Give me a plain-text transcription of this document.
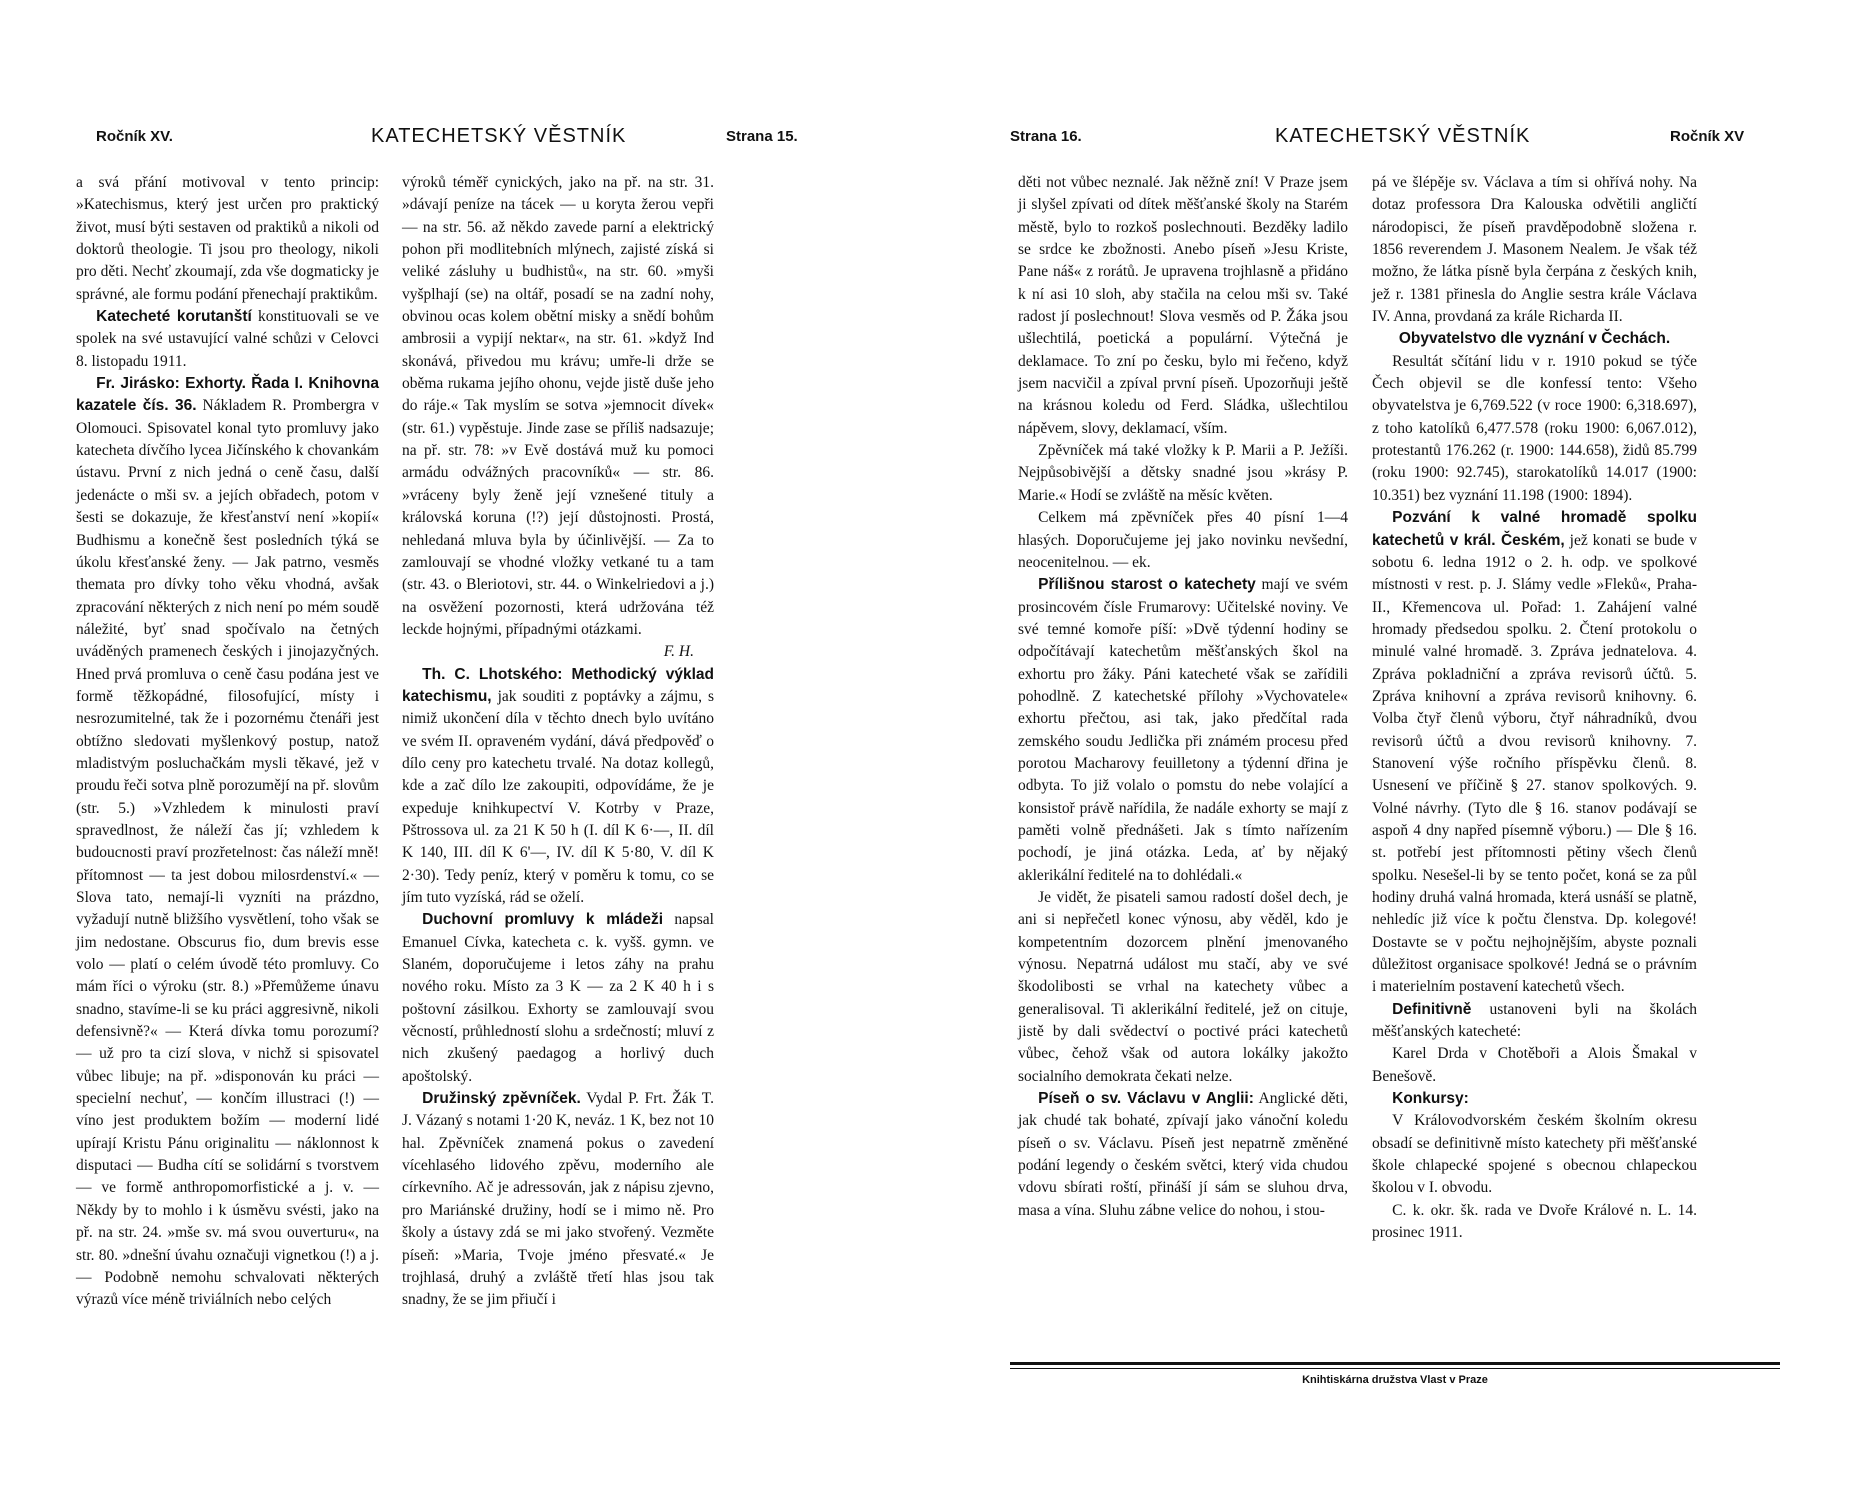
Ročník XV.	KATECHETSKÝ VĚSTNÍK	Strana 15.

a svá přání motivoval v tento princip: »Katechismus, který jest určen pro praktický život, musí býti sestaven od praktiků a nikoli od doktorů theologie. Ti jsou pro theology, nikoli pro děti. Nechť zkoumají, zda vše dogmaticky je správné, ale formu podání přenechají praktikům.

Katecheté korutanští konstituovali se ve spolek na své ustavující valné schůzi v Celovci 8. listopadu 1911.

Fr. Jirásko: Exhorty. Řada I. Knihovna kazatele čís. 36. Nákladem R. Prombergra v Olomouci. Spisovatel konal tyto promluvy jako katecheta dívčího lycea Jičínského k chovankám ústavu. První z nich jedná o ceně času, další jedenácte o mši sv. a jejích obřadech, potom v šesti se dokazuje, že křesťanství není »kopií« Budhismu a konečně šest posledních týká se úkolu křesťanské ženy. — Jak patrno, vesměs themata pro dívky toho věku vhodná, avšak zpracování některých z nich není po mém soudě náležité, byť snad spočívalo na četných uváděných pramenech českých i jinojazyčných. Hned prvá promluva o ceně času podána jest ve formě těžkopádné, filosofující, místy i nesrozumitelné, tak že i pozornému čtenáři jest obtížno sledovati myšlenkový postup, natož mladistvým posluchačkám mysli těkavé, jež v proudu řeči sotva plně porozumějí na př. slovům (str. 5.) »Vzhledem k minulosti praví spravedlnost, že náleží čas jí; vzhledem k budoucnosti praví prozřetelnost: čas náleží mně! přítomnost — ta jest dobou milosrdenství.« — Slova tato, nemají-li vyzníti na prázdno, vyžadují nutně bližšího vysvětlení, toho však se jim nedostane. Obscurus fio, dum brevis esse volo — platí o celém úvodě této promluvy. Co mám říci o výroku (str. 8.) »Přemůžeme únavu snadno, stavíme-li se ku práci aggresivně, nikoli defensivně?« — Která dívka tomu porozumí? — už pro ta cizí slova, v nichž si spisovatel vůbec libuje; na př. »disponován ku práci — specielní nechuť, — končím illustraci (!) — víno jest produktem božím — moderní lidé upírají Kristu Pánu originalitu — náklonnost k disputaci — Budha cítí se solidární s tvorstvem — ve formě anthropomorfistické a j. v. — Někdy by to mohlo i k úsměvu svésti, jako na př. na str. 24. »mše sv. má svou ouverturu«, na str. 80. »dnešní úvahu označuji vignetkou (!) a j. — Podobně nemohu schvalovati některých výrazů více méně triviálních nebo celých

výroků téměř cynických, jako na př. na str. 31. »dávají peníze na tácek — u koryta žerou vepři — na str. 56. až někdo zavede parní a elektrický pohon při modlitebních mlýnech, zajisté získá si veliké zásluhy u budhistů«, na str. 60. »myši vyšplhají (se) na oltář, posadí se na zadní nohy, obvinou ocas kolem obětní misky a snědí bohům ambrosii a vypijí nektar«, na str. 61. »když Ind skonává, přivedou mu krávu; umře-li drže se oběma rukama jejího ohonu, vejde jistě duše jeho do ráje.« Tak myslím se sotva »jemnocit dívek« (str. 61.) vypěstuje. Jinde zase se příliš nadsazuje; na př. str. 78: »v Evě dostává muž ku pomoci armádu odvážných pracovníků« — str. 86. »vráceny byly ženě její vznešené tituly a královská koruna (!?) její důstojnosti. Prostá, nehledaná mluva byla by účinlivější. — Za to zamlouvají se vhodné vložky vetkané tu a tam (str. 43. o Bleriotovi, str. 44. o Winkelriedovi a j.) na osvěžení pozornosti, která udržována též leckde hojnými, případnými otázkami.

F. H.

Th. C. Lhotského: Methodický výklad katechismu, jak souditi z poptávky a zájmu, s nimiž ukončení díla v těchto dnech bylo uvítáno ve svém II. opraveném vydání, dává předpověď o dílo ceny pro katechetu trvalé. Na dotaz kollegů, kde a zač dílo lze zakoupiti, odpovídáme, že je expeduje knihkupectví V. Kotrby v Praze, Pštrossova ul. za 21 K 50 h (I. díl K 6·—, II. díl K 140, III. díl K 6'—, IV. díl K 5·80, V. díl K 2·30). Tedy peníz, který v poměru k tomu, co se jím tuto vyzíská, rád se oželí.

Duchovní promluvy k mládeži napsal Emanuel Cívka, katecheta c. k. vyšš. gymn. ve Slaném, doporučujeme i letos záhy na prahu nového roku. Místo za 3 K — za 2 K 40 h i s poštovní zásilkou. Exhorty se zamlouvají svou věcností, průhledností slohu a srdečností; mluví z nich zkušený paedagog a horlivý duch apoštolský.

Družinský zpěvníček. Vydal P. Frt. Žák T. J. Vázaný s notami 1·20 K, neváz. 1 K, bez not 10 hal. Zpěvníček znamená pokus o zavedení vícehlasého lidového zpěvu, moderního ale církevního. Ač je adressován, jak z nápisu zjevno, pro Mariánské družiny, hodí se i mimo ně. Pro školy a ústavy zdá se mi jako stvořený. Vezměte píseň: »Maria, Tvoje jméno přesvaté.« Je trojhlasá, druhý a zvláště třetí hlas jsou tak snadny, že se jim přiučí i

Strana 16.	KATECHETSKÝ VĚSTNÍK	Ročník XV

děti not vůbec neznalé. Jak něžně zní! V Praze jsem ji slyšel zpívati od dítek měšťanské školy na Starém městě, bylo to rozkoš poslechnouti. Bezděky ladilo se srdce ke zbožnosti. Anebo píseň »Jesu Kriste, Pane náš« z rorátů. Je upravena trojhlasně a přidáno k ní asi 10 sloh, aby stačila na celou mši sv. Také radost jí poslechnout! Slova vesměs od P. Žáka jsou ušlechtilá, poetická a populární. Výtečná je deklamace. To zní po česku, bylo mi řečeno, když jsem nacvičil a zpíval první píseň. Upozorňuji ještě na krásnou koledu od Ferd. Sládka, ušlechtilou nápěvem, slovy, deklamací, vším.

Zpěvníček má také vložky k P. Marii a P. Ježíši. Nejpůsobivější a dětsky snadné jsou »krásy P. Marie.« Hodí se zvláště na měsíc květen.

Celkem má zpěvníček přes 40 písní 1—4 hlasých. Doporučujeme jej jako novinku nevšední, neocenitelnou. — ek.

Přílišnou starost o katechety mají ve svém prosincovém čísle Frumarovy: Učitelské noviny. Ve své temné komoře píší: »Dvě týdenní hodiny se odpočítávají katechetům měšťanských škol na exhortu pro žáky. Páni katecheté však se zařídili pohodlně. Z katechetské přílohy »Vychovatele« exhortu přečtou, asi tak, jako předčítal rada zemského soudu Jedlička při známém procesu před porotou Macharovy feuilletony a týdenní dřina je odbyta. To již volalo o pomstu do nebe volající a konsistoř právě nařídila, že nadále exhorty se mají z paměti volně přednášeti. Jak s tímto nařízením pochodí, je jiná otázka. Leda, ať by nějaký aklerikální ředitelé na to dohlédali.«

Je vidět, že pisateli samou radostí došel dech, je ani si nepřečetl konec výnosu, aby věděl, kdo je kompetentním dozorcem plnění jmenovaného výnosu. Nepatrná událost mu stačí, aby ve své škodolibosti se vrhal na katechety vůbec a generalisoval. Ti aklerikální ředitelé, jež on cituje, jistě by dali svědectví o poctivé práci katechetů vůbec, čehož však od autora lokálky jakožto socialního demokrata čekati nelze.

Píseň o sv. Václavu v Anglii: Anglické děti, jak chudé tak bohaté, zpívají jako vánoční koledu píseň o sv. Václavu. Píseň jest nepatrně změněné podání legendy o českém světci, který vida chudou vdovu sbírati roští, přináší jí sám se sluhou drva, masa a vína. Sluhu zábne velice do nohou, i stou-

pá ve šlépěje sv. Václava a tím si ohřívá nohy. Na dotaz professora Dra Kalouska odvětili angličtí národopisci, že píseň pravděpodobně složena r. 1856 reverendem J. Masonem Nealem. Je však též možno, že látka písně byla čerpána z českých knih, jež r. 1381 přinesla do Anglie sestra krále Václava IV. Anna, provdaná za krále Richarda II.

Obyvatelstvo dle vyznání v Čechách.

Resultát sčítání lidu v r. 1910 pokud se týče Čech objevil se dle konfessí tento: Všeho obyvatelstva je 6,769.522 (v roce 1900: 6,318.697), z toho katolíků 6,477.578 (roku 1900: 6,067.012), protestantů 176.262 (r. 1900: 144.658), židů 85.799 (roku 1900: 92.745), starokatolíků 14.017 (1900: 10.351) bez vyznání 11.198 (1900: 1894).

Pozvání k valné hromadě spolku katechetů v král. Českém, jež konati se bude v sobotu 6. ledna 1912 o 2. h. odp. ve spolkové místnosti v rest. p. J. Slámy vedle »Fleků«, Praha-II., Křemencova ul. Pořad: 1. Zahájení valné hromady předsedou spolku. 2. Čtení protokolu o minulé valné hromadě. 3. Zpráva jednatelova. 4. Zpráva pokladniční a zpráva revisorů účtů. 5. Zpráva knihovní a zpráva revisorů knihovny. 6. Volba čtyř členů výboru, čtyř náhradníků, dvou revisorů účtů a dvou revisorů knihovny. 7. Stanovení výše ročního příspěvku členů. 8. Usnesení ve příčině § 27. stanov spolkových. 9. Volné návrhy. (Tyto dle § 16. stanov podávají se aspoň 4 dny napřed písemně výboru.) — Dle § 16. st. potřebí jest přítomnosti pětiny všech členů spolku. Nesešel-li by se tento počet, koná se za půl hodiny druhá valná hromada, která usnáší se platně, nehledíc již více k počtu členstva. Dp. kolegové! Dostavte se v počtu nejhojnějším, abyste poznali důležitost organisace spolkové! Jedná se o právním i materielním postavení katechetů všech.

Definitivně ustanoveni byli na školách měšťanských katecheté:

Karel Drda v Chotěboři a Alois Šmakal v Benešově.

Konkursy:

V Královodvorském českém školním okresu obsadí se definitivně místo katechety při měšťanské škole chlapecké spojené s obecnou chlapeckou školou v I. obvodu.

C. k. okr. šk. rada ve Dvoře Králové n. L. 14. prosinec 1911.

Knihtiskárna družstva Vlast v Praze
